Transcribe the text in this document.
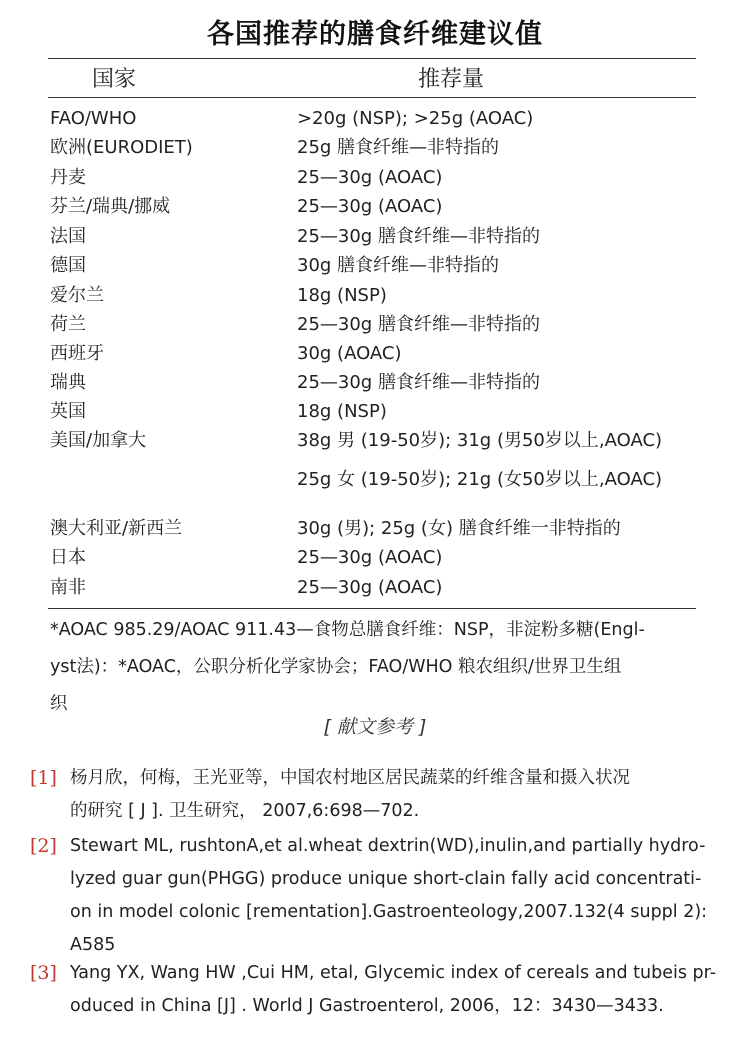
各国推荐的膳食纤维建议值
国家	推荐量
FAO/WHO	>20g (NSP); >25g (AOAC)
欧洲(EURODIET)	25g 膳食纤维—非特指的
丹麦	25—30g (AOAC)
芬兰/瑞典/挪威	25—30g (AOAC)
法国	25—30g 膳食纤维—非特指的
德国	30g 膳食纤维—非特指的
爱尔兰	18g (NSP)
荷兰	25—30g 膳食纤维—非特指的
西班牙	30g (AOAC)
瑞典	25—30g 膳食纤维—非特指的
英国	18g (NSP)
美国/加拿大	38g 男 (19-50岁); 31g (男50岁以上,AOAC)
25g 女 (19-50岁); 21g (女50岁以上,AOAC)
澳大利亚/新西兰	30g (男); 25g (女) 膳食纤维一非特指的
日本	25—30g (AOAC)
南非	25—30g (AOAC)
*AOAC 985.29/AOAC 911.43—食物总膳食纤维：NSP，非淀粉多糖(Engl-
yst法)：*AOAC，公职分析化学家协会；FAO/WHO 粮农组织/世界卫生组
织
[ 献文参考 ]
[1] 杨月欣，何梅，王光亚等，中国农村地区居民蔬菜的纤维含量和摄入状况
的研究 [ J ]. 卫生研究， 2007,6:698—702.
[2] Stewart ML, rushtonA,et al.wheat dextrin(WD),inulin,and partially hydro-
lyzed guar gun(PHGG) produce unique short-clain fally acid concentrati-
on in model colonic [rementation].Gastroenteology,2007.132(4 suppl 2):
A585
[3] Yang YX, Wang HW ,Cui HM, etal, Glycemic index of cereals and tubeis pr-
oduced in China [J] . World J Gastroenterol, 2006，12：3430—3433.
